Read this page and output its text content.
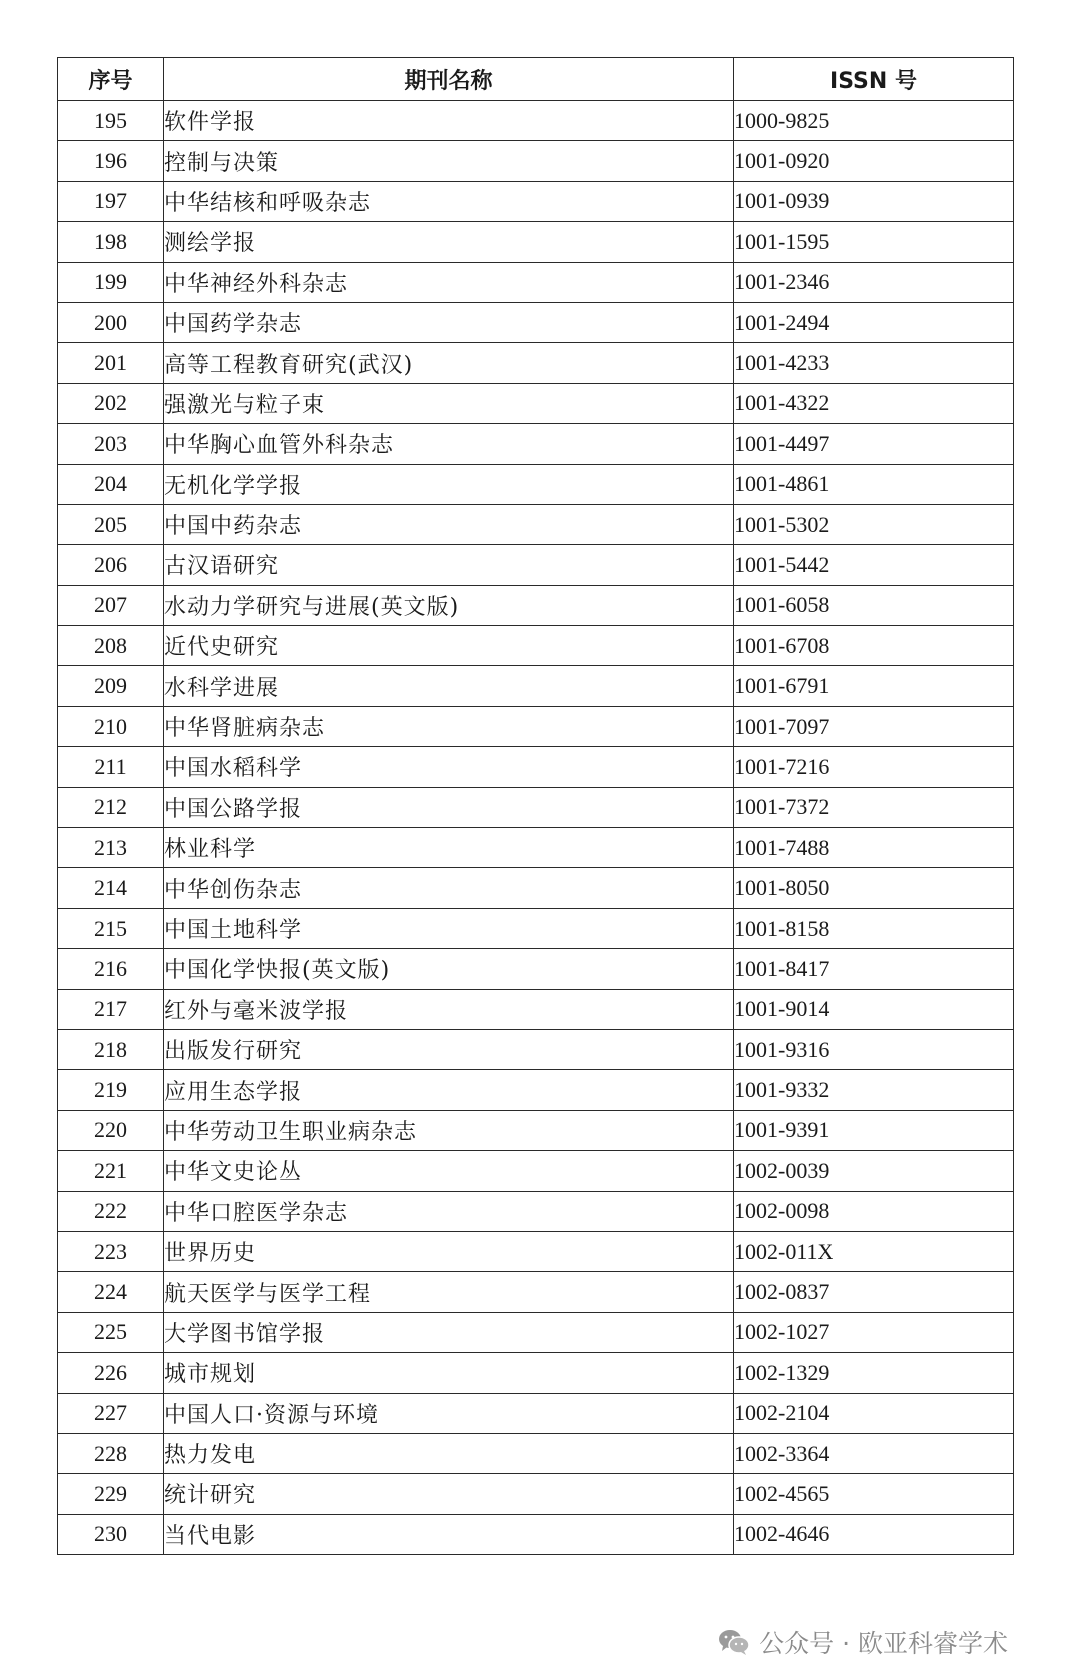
序号	期刊名称	ISSN 号
195	软件学报	1000-9825
196	控制与决策	1001-0920
197	中华结核和呼吸杂志	1001-0939
198	测绘学报	1001-1595
199	中华神经外科杂志	1001-2346
200	中国药学杂志	1001-2494
201	高等工程教育研究(武汉)	1001-4233
202	强激光与粒子束	1001-4322
203	中华胸心血管外科杂志	1001-4497
204	无机化学学报	1001-4861
205	中国中药杂志	1001-5302
206	古汉语研究	1001-5442
207	水动力学研究与进展(英文版)	1001-6058
208	近代史研究	1001-6708
209	水科学进展	1001-6791
210	中华肾脏病杂志	1001-7097
211	中国水稻科学	1001-7216
212	中国公路学报	1001-7372
213	林业科学	1001-7488
214	中华创伤杂志	1001-8050
215	中国土地科学	1001-8158
216	中国化学快报(英文版)	1001-8417
217	红外与毫米波学报	1001-9014
218	出版发行研究	1001-9316
219	应用生态学报	1001-9332
220	中华劳动卫生职业病杂志	1001-9391
221	中华文史论丛	1002-0039
222	中华口腔医学杂志	1002-0098
223	世界历史	1002-011X
224	航天医学与医学工程	1002-0837
225	大学图书馆学报	1002-1027
226	城市规划	1002-1329
227	中国人口·资源与环境	1002-2104
228	热力发电	1002-3364
229	统计研究	1002-4565
230	当代电影	1002-4646
公众号 · 欧亚科睿学术
